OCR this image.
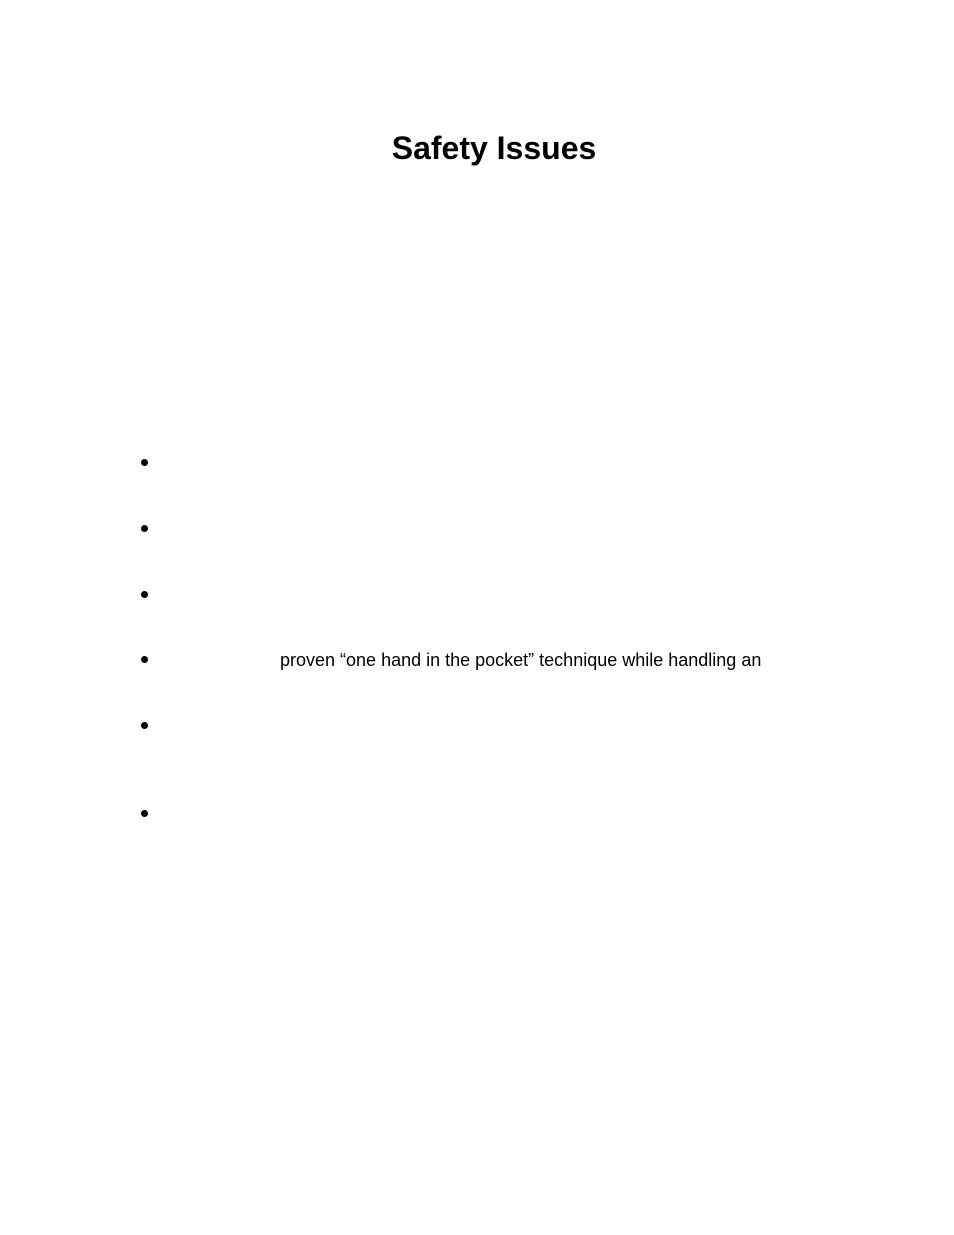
Safety Issues
proven “one hand in the pocket” technique while handling an
